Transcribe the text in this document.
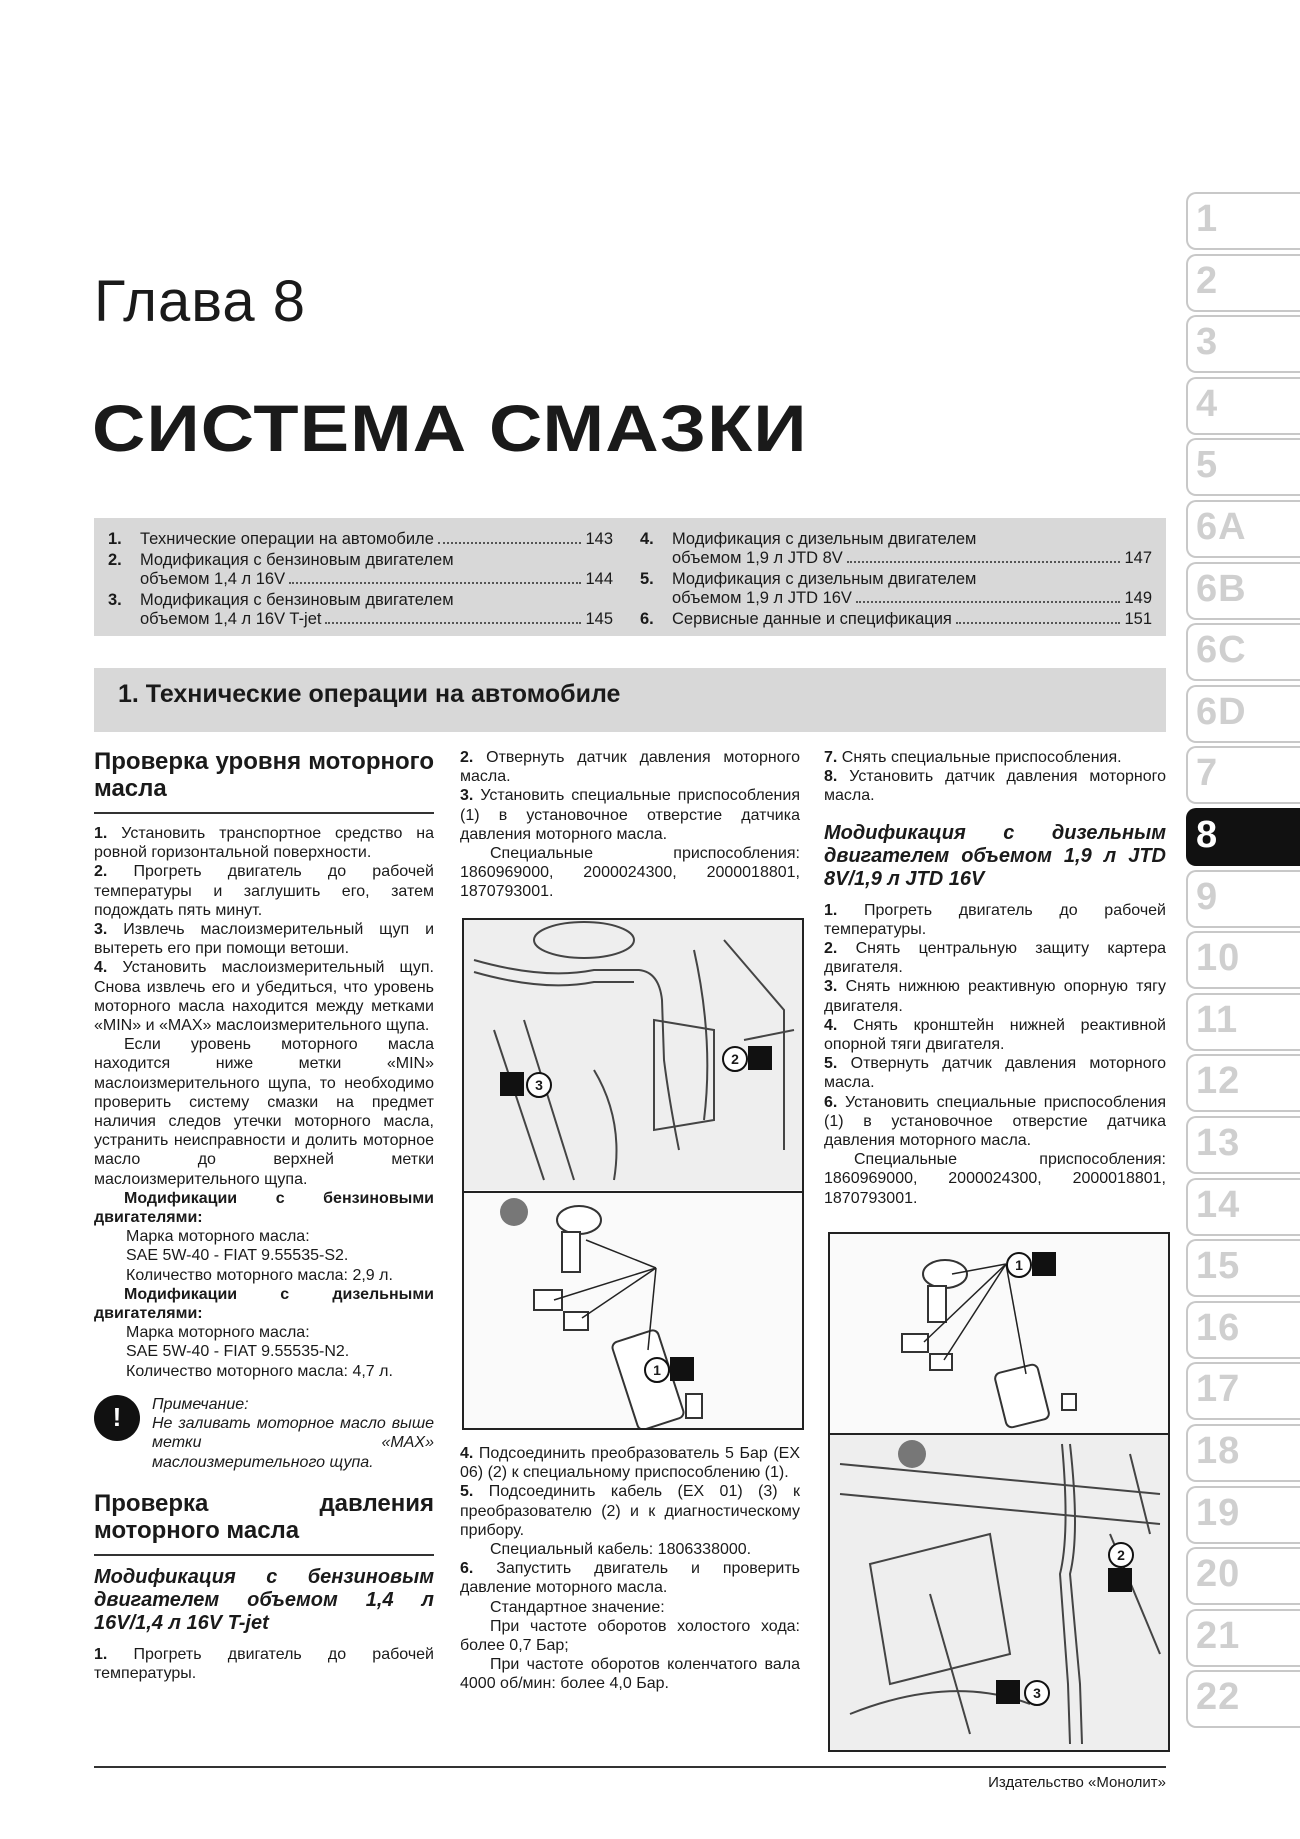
Глава 8
СИСТЕМА СМАЗКИ
1.	Технические операции на автомобиле	143
2.	Модификация с бензиновым двигателем
объемом 1,4 л 16V	144
3.	Модификация с бензиновым двигателем
объемом 1,4 л 16V T-jet	145
4.	Модификация с дизельным двигателем
объемом 1,9 л JTD 8V	147
5.	Модификация с дизельным двигателем
объемом 1,9 л JTD 16V	149
6.	Сервисные данные и спецификация	151
1. Технические операции на автомобиле
Проверка уровня моторного масла
1. Установить транспортное средство на ровной горизонтальной поверхности.
2. Прогреть двигатель до рабочей температуры и заглушить его, затем подождать пять минут.
3. Извлечь маслоизмерительный щуп и вытереть его при помощи ветоши.
4. Установить маслоизмерительный щуп. Снова извлечь его и убедиться, что уровень моторного масла находится между метками «MIN» и «MAX» маслоизмерительного щупа.
Если уровень моторного масла находится ниже метки «MIN» маслоизмерительного щупа, то необходимо проверить систему смазки на предмет наличия следов утечки моторного масла, устранить неисправности и долить моторное масло до верхней метки маслоизмерительного щупа.
Модификации с бензиновыми двигателями:
Марка моторного масла:
SAE 5W-40 - FIAT 9.55535-S2.
Количество моторного масла: 2,9 л.
Модификации с дизельными двигателями:
Марка моторного масла:
SAE 5W-40 - FIAT 9.55535-N2.
Количество моторного масла: 4,7 л.
!	Примечание:
Не заливать моторное масло выше метки «MAX» маслоизмерительного щупа.
Проверка давления моторного масла
Модификация с бензиновым двигателем объемом 1,4 л 16V/1,4 л 16V T-jet
1. Прогреть двигатель до рабочей температуры.
2. Отвернуть датчик давления моторного масла.
3. Установить специальные приспособления (1) в установочное отверстие датчика давления моторного масла.
Специальные приспособления: 1860969000, 2000024300, 2000018801, 1870793001.
1
2
3
4. Подсоединить преобразователь 5 Бар (EX 06) (2) к специальному приспособлению (1).
5. Подсоединить кабель (EX 01) (3) к преобразователю (2) и к диагностическому прибору.
Специальный кабель: 1806338000.
6. Запустить двигатель и проверить давление моторного масла.
Стандартное значение:
При частоте оборотов холостого хода: более 0,7 Бар;
При частоте оборотов коленчатого вала 4000 об/мин: более 4,0 Бар.
7. Снять специальные приспособления.
8. Установить датчик давления моторного масла.
Модификация с дизельным двигателем объемом 1,9 л JTD 8V/1,9 л JTD 16V
1. Прогреть двигатель до рабочей температуры.
2. Снять центральную защиту картера двигателя.
3. Снять нижнюю реактивную опорную тягу двигателя.
4. Снять кронштейн нижней реактивной опорной тяги двигателя.
5. Отвернуть датчик давления моторного масла.
6. Установить специальные приспособления (1) в установочное отверстие датчика давления моторного масла.
Специальные приспособления: 1860969000, 2000024300, 2000018801, 1870793001.
1
2
3
1
2
3
4
5
6A
6B
6C
6D
7
8
9
10
11
12
13
14
15
16
17
18
19
20
21
22
Издательство «Монолит»
